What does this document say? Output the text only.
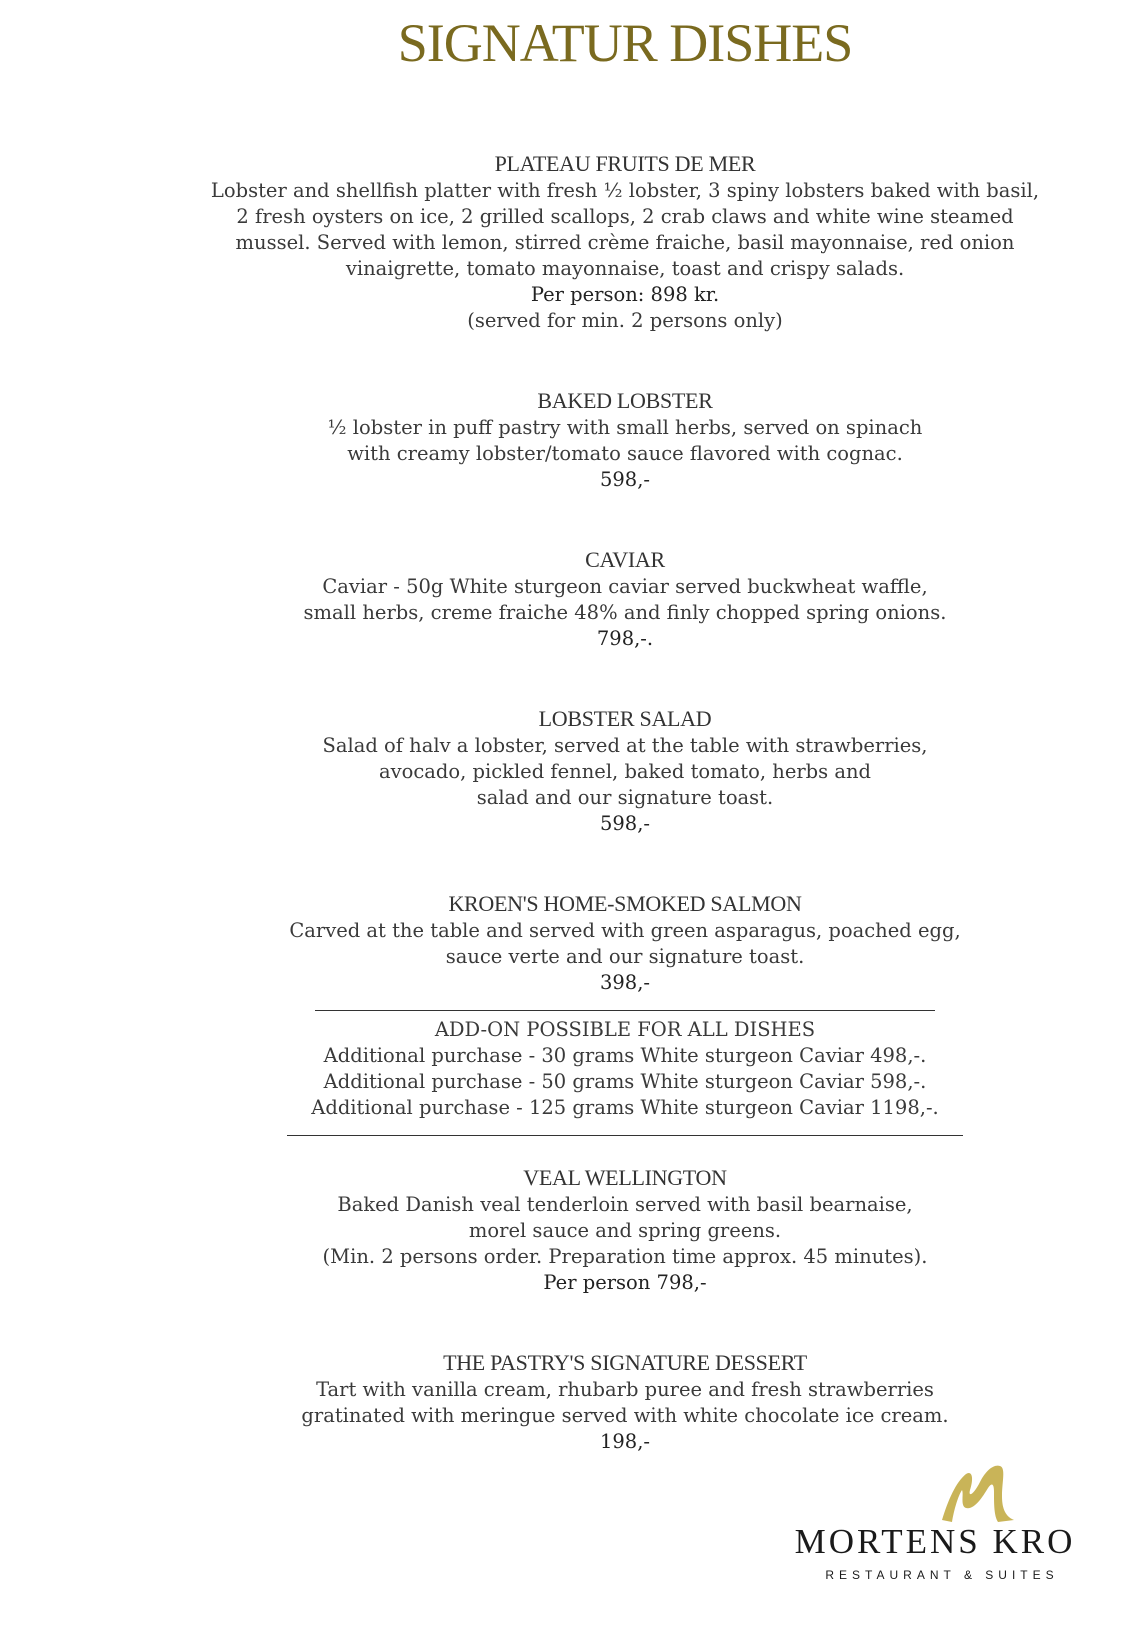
SIGNATUR DISHES
PLATEAU FRUITS DE MER
Lobster and shellfish platter with fresh ½ lobster, 3 spiny lobsters baked with basil,
2 fresh oysters on ice, 2 grilled scallops, 2 crab claws and white wine steamed
mussel. Served with lemon, stirred crème fraiche, basil mayonnaise, red onion
vinaigrette, tomato mayonnaise, toast and crispy salads.
Per person: 898 kr.
(served for min. 2 persons only)
BAKED LOBSTER
½ lobster in puff pastry with small herbs, served on spinach
with creamy lobster/tomato sauce flavored with cognac.
598,-
CAVIAR
Caviar - 50g White sturgeon caviar served buckwheat waffle,
small herbs, creme fraiche 48% and finly chopped spring onions.
798,-.
LOBSTER SALAD
Salad of halv a lobster, served at the table with strawberries,
avocado, pickled fennel, baked tomato, herbs and
salad and our signature toast.
598,-
KROEN'S HOME-SMOKED SALMON
Carved at the table and served with green asparagus, poached egg,
sauce verte and our signature toast.
398,-
ADD-ON POSSIBLE FOR ALL DISHES
Additional purchase - 30 grams White sturgeon Caviar 498,-.
Additional purchase - 50 grams White sturgeon Caviar 598,-.
Additional purchase - 125 grams White sturgeon Caviar 1198,-.
VEAL WELLINGTON
Baked Danish veal tenderloin served with basil bearnaise,
morel sauce and spring greens.
(Min. 2 persons order. Preparation time approx. 45 minutes).
Per person 798,-
THE PASTRY'S SIGNATURE DESSERT
Tart with vanilla cream, rhubarb puree and fresh strawberries
gratinated with meringue served with white chocolate ice cream.
198,-
MORTENS KRO
RESTAURANT & SUITES
